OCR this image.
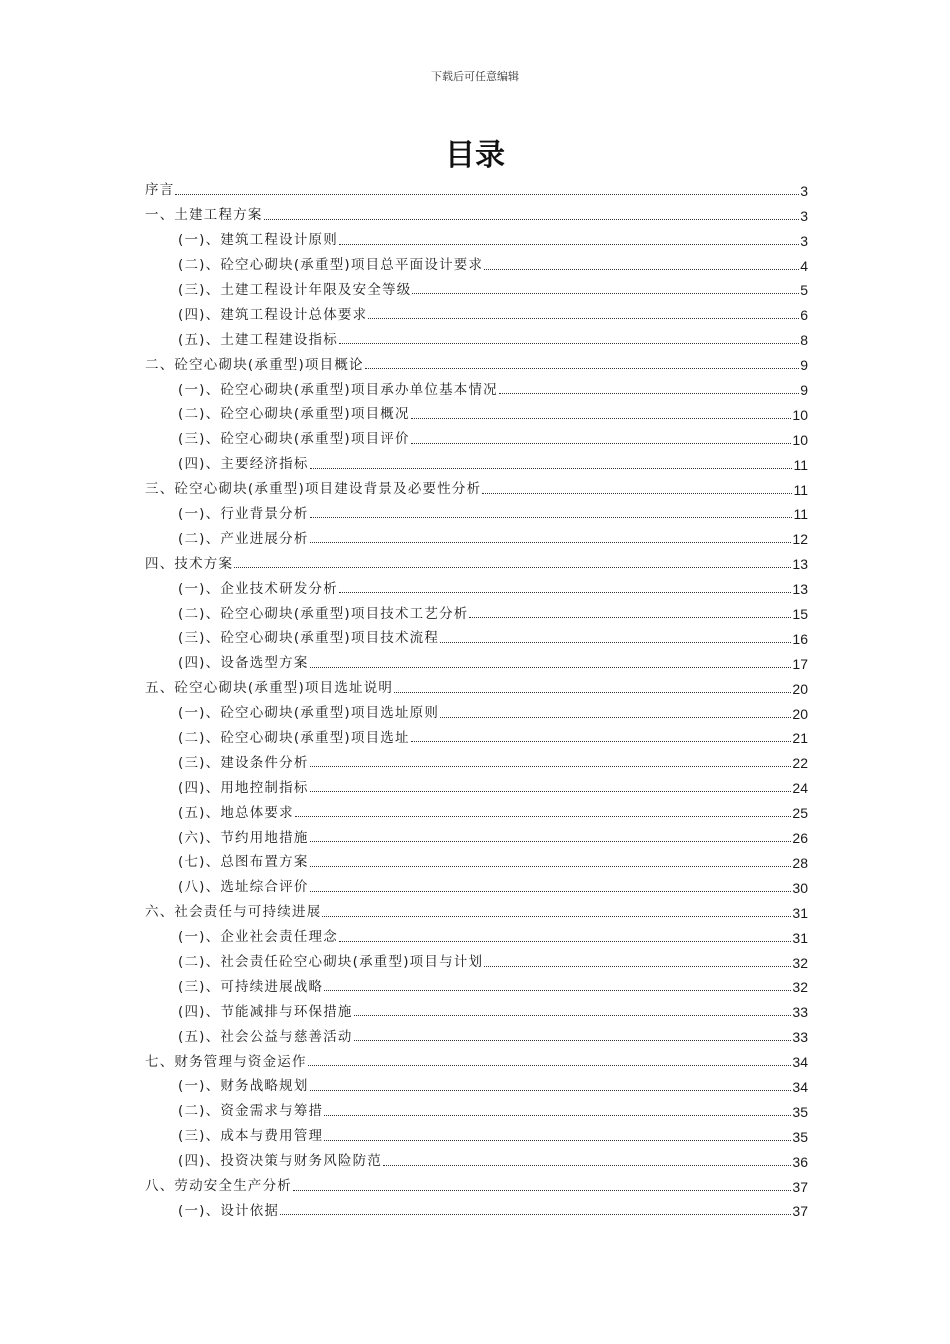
下载后可任意编辑
目录
序言	3
一、土建工程方案	3
(一)、建筑工程设计原则	3
(二)、砼空心砌块(承重型)项目总平面设计要求	4
(三)、土建工程设计年限及安全等级	5
(四)、建筑工程设计总体要求	6
(五)、土建工程建设指标	8
二、砼空心砌块(承重型)项目概论	9
(一)、砼空心砌块(承重型)项目承办单位基本情况	9
(二)、砼空心砌块(承重型)项目概况	10
(三)、砼空心砌块(承重型)项目评价	10
(四)、主要经济指标	11
三、砼空心砌块(承重型)项目建设背景及必要性分析	11
(一)、行业背景分析	11
(二)、产业进展分析	12
四、技术方案	13
(一)、企业技术研发分析	13
(二)、砼空心砌块(承重型)项目技术工艺分析	15
(三)、砼空心砌块(承重型)项目技术流程	16
(四)、设备选型方案	17
五、砼空心砌块(承重型)项目选址说明	20
(一)、砼空心砌块(承重型)项目选址原则	20
(二)、砼空心砌块(承重型)项目选址	21
(三)、建设条件分析	22
(四)、用地控制指标	24
(五)、地总体要求	25
(六)、节约用地措施	26
(七)、总图布置方案	28
(八)、选址综合评价	30
六、社会责任与可持续进展	31
(一)、企业社会责任理念	31
(二)、社会责任砼空心砌块(承重型)项目与计划	32
(三)、可持续进展战略	32
(四)、节能减排与环保措施	33
(五)、社会公益与慈善活动	33
七、财务管理与资金运作	34
(一)、财务战略规划	34
(二)、资金需求与筹措	35
(三)、成本与费用管理	35
(四)、投资决策与财务风险防范	36
八、劳动安全生产分析	37
(一)、设计依据	37
